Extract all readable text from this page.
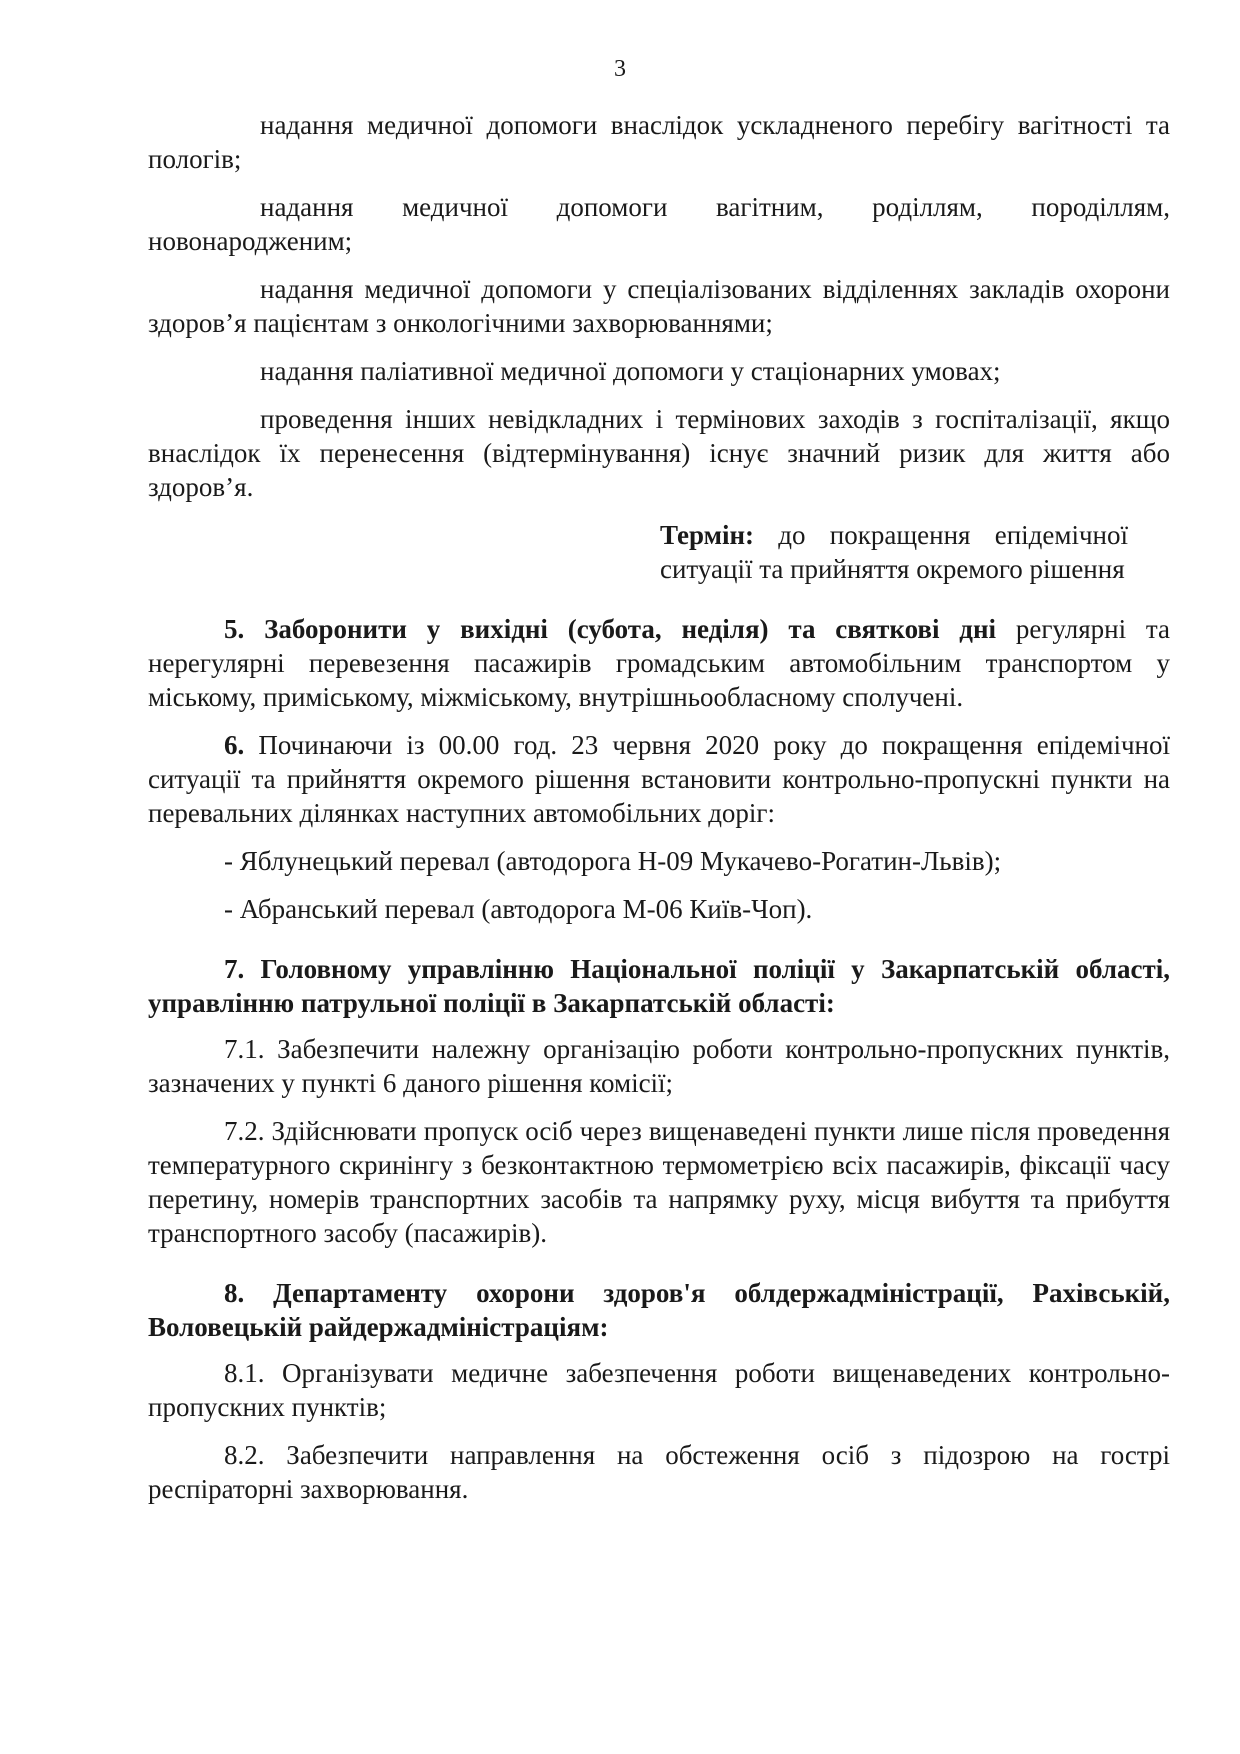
3

надання медичної допомоги внаслідок ускладненого перебігу вагітності та пологів;

надання медичної допомоги вагітним, роділлям, породіллям, новонародженим;

надання медичної допомоги у спеціалізованих відділеннях закладів охорони здоров’я пацієнтам з онкологічними захворюваннями;

надання паліативної медичної допомоги у стаціонарних умовах;

проведення інших невідкладних і термінових заходів з госпіталізації, якщо внаслідок їх перенесення (відтермінування) існує значний ризик для життя або здоров’я.

Термін: до покращення епідемічної ситуації та прийняття окремого рішення

5. Заборонити у вихідні (субота, неділя) та святкові дні регулярні та нерегулярні перевезення пасажирів громадським автомобільним транспортом у міському, приміському, міжміському, внутрішньообласному сполучені.

6. Починаючи із 00.00 год. 23 червня 2020 року до покращення епідемічної ситуації та прийняття окремого рішення встановити контрольно-пропускні пункти на перевальних ділянках наступних автомобільних доріг:

- Яблунецький перевал (автодорога Н-09 Мукачево-Рогатин-Львів);

- Абранський перевал (автодорога М-06 Київ-Чоп).

7. Головному управлінню Національної поліції у Закарпатській області, управлінню патрульної поліції в Закарпатській області:

7.1. Забезпечити належну організацію роботи контрольно-пропускних пунктів, зазначених у пункті 6 даного рішення комісії;

7.2. Здійснювати пропуск осіб через вищенаведені пункти лише після проведення температурного скринінгу з безконтактною термометрією всіх пасажирів, фіксації часу перетину, номерів транспортних засобів та напрямку руху, місця вибуття та прибуття транспортного засобу (пасажирів).

8. Департаменту охорони здоров'я облдержадміністрації, Рахівській, Воловецькій райдержадміністраціям:

8.1. Організувати медичне забезпечення роботи вищенаведених контрольно-пропускних пунктів;

8.2. Забезпечити направлення на обстеження осіб з підозрою на гострі респіраторні захворювання.
